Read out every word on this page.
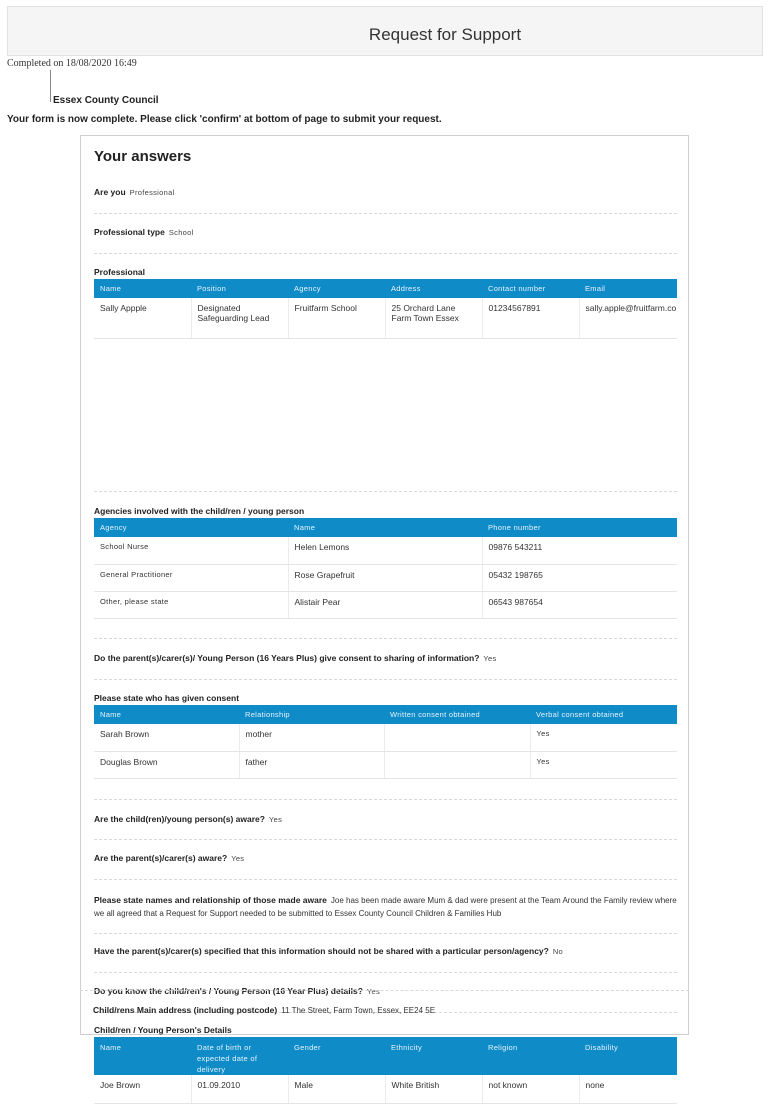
Request for Support
Completed on 18/08/2020 16:49
Essex County Council
Your form is now complete. Please click 'confirm' at bottom of page to submit your request.
Your answers
Are you Professional
Professional type School
Professional
Name	Position	Agency	Address	Contact number	Email
Sally Appple	Designated Safeguarding Lead	Fruitfarm School	25 Orchard Lane Farm Town Essex	01234567891	sally.apple@fruitfarm.co
Agencies involved with the child/ren / young person
Agency	Name	Phone number
School Nurse	Helen Lemons	09876 543211
General Practitioner	Rose Grapefruit	05432 198765
Other, please state	Alistair Pear	06543 987654
Do the parent(s)/carer(s)/ Young Person (16 Years Plus) give consent to sharing of information? Yes
Please state who has given consent
Name	Relationship	Written consent obtained	Verbal consent obtained
Sarah Brown	mother		Yes
Douglas Brown	father		Yes
Are the child(ren)/young person(s) aware? Yes
Are the parent(s)/carer(s) aware? Yes
Please state names and relationship of those made aware Joe has been made aware Mum & dad were present at the Team Around the Family review where we all agreed that a Request for Support needed to be submitted to Essex County Council Children & Families Hub
Have the parent(s)/carer(s) specified that this information should not be shared with a particular person/agency? No
Do you know the child/ren's / Young Person (16 Year Plus) details? Yes
Child/ren / Young Person's Details
Name	Date of birth or expected date of delivery	Gender	Ethnicity	Religion	Disability
Joe Brown	01.09.2010	Male	White British	not known	none
Child/rens Main address (including postcode) 11 The Street, Farm Town, Essex, EE24 5E
